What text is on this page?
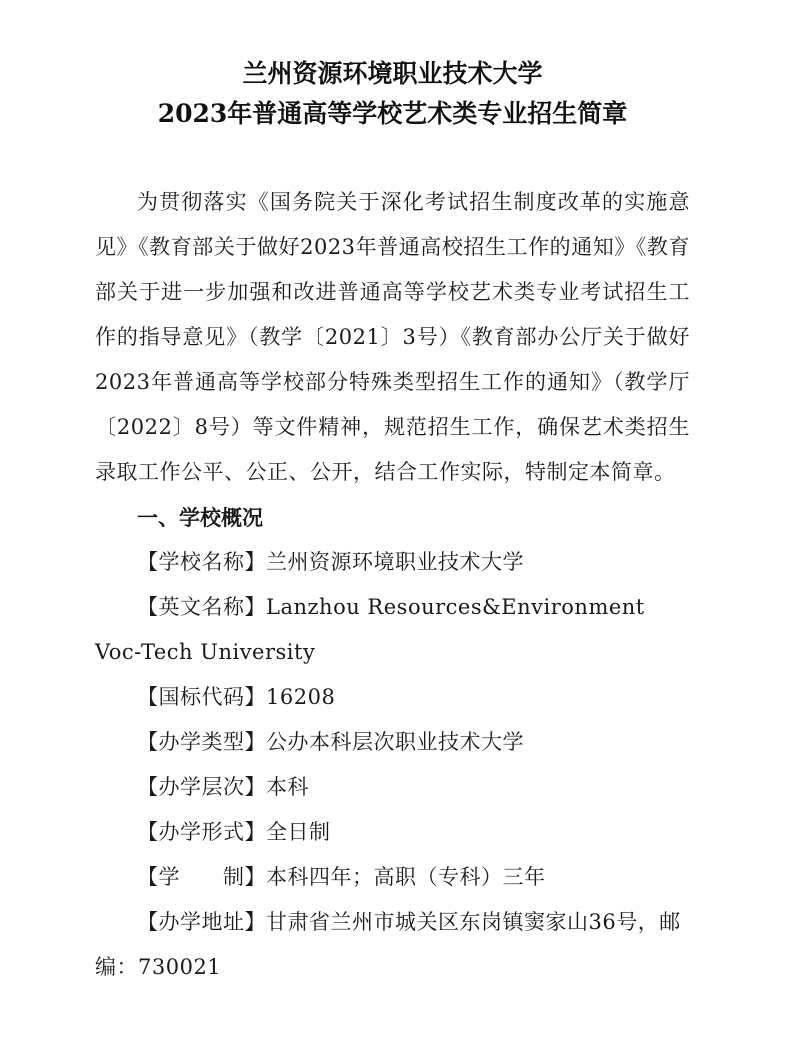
兰州资源环境职业技术大学
2023年普通高等学校艺术类专业招生简章

为贯彻落实《国务院关于深化考试招生制度改革的实施意见》《教育部关于做好2023年普通高校招生工作的通知》《教育部关于进一步加强和改进普通高等学校艺术类专业考试招生工作的指导意见》（教学〔2021〕3号）《教育部办公厅关于做好2023年普通高等学校部分特殊类型招生工作的通知》（教学厅〔2022〕8号）等文件精神，规范招生工作，确保艺术类招生录取工作公平、公正、公开，结合工作实际，特制定本简章。

一、学校概况

【学校名称】兰州资源环境职业技术大学

【英文名称】Lanzhou Resources&Environment Voc-Tech University

【国标代码】16208

【办学类型】公办本科层次职业技术大学

【办学层次】本科

【办学形式】全日制

【学　　制】本科四年；高职（专科）三年

【办学地址】甘肃省兰州市城关区东岗镇窦家山36号，邮编：730021
